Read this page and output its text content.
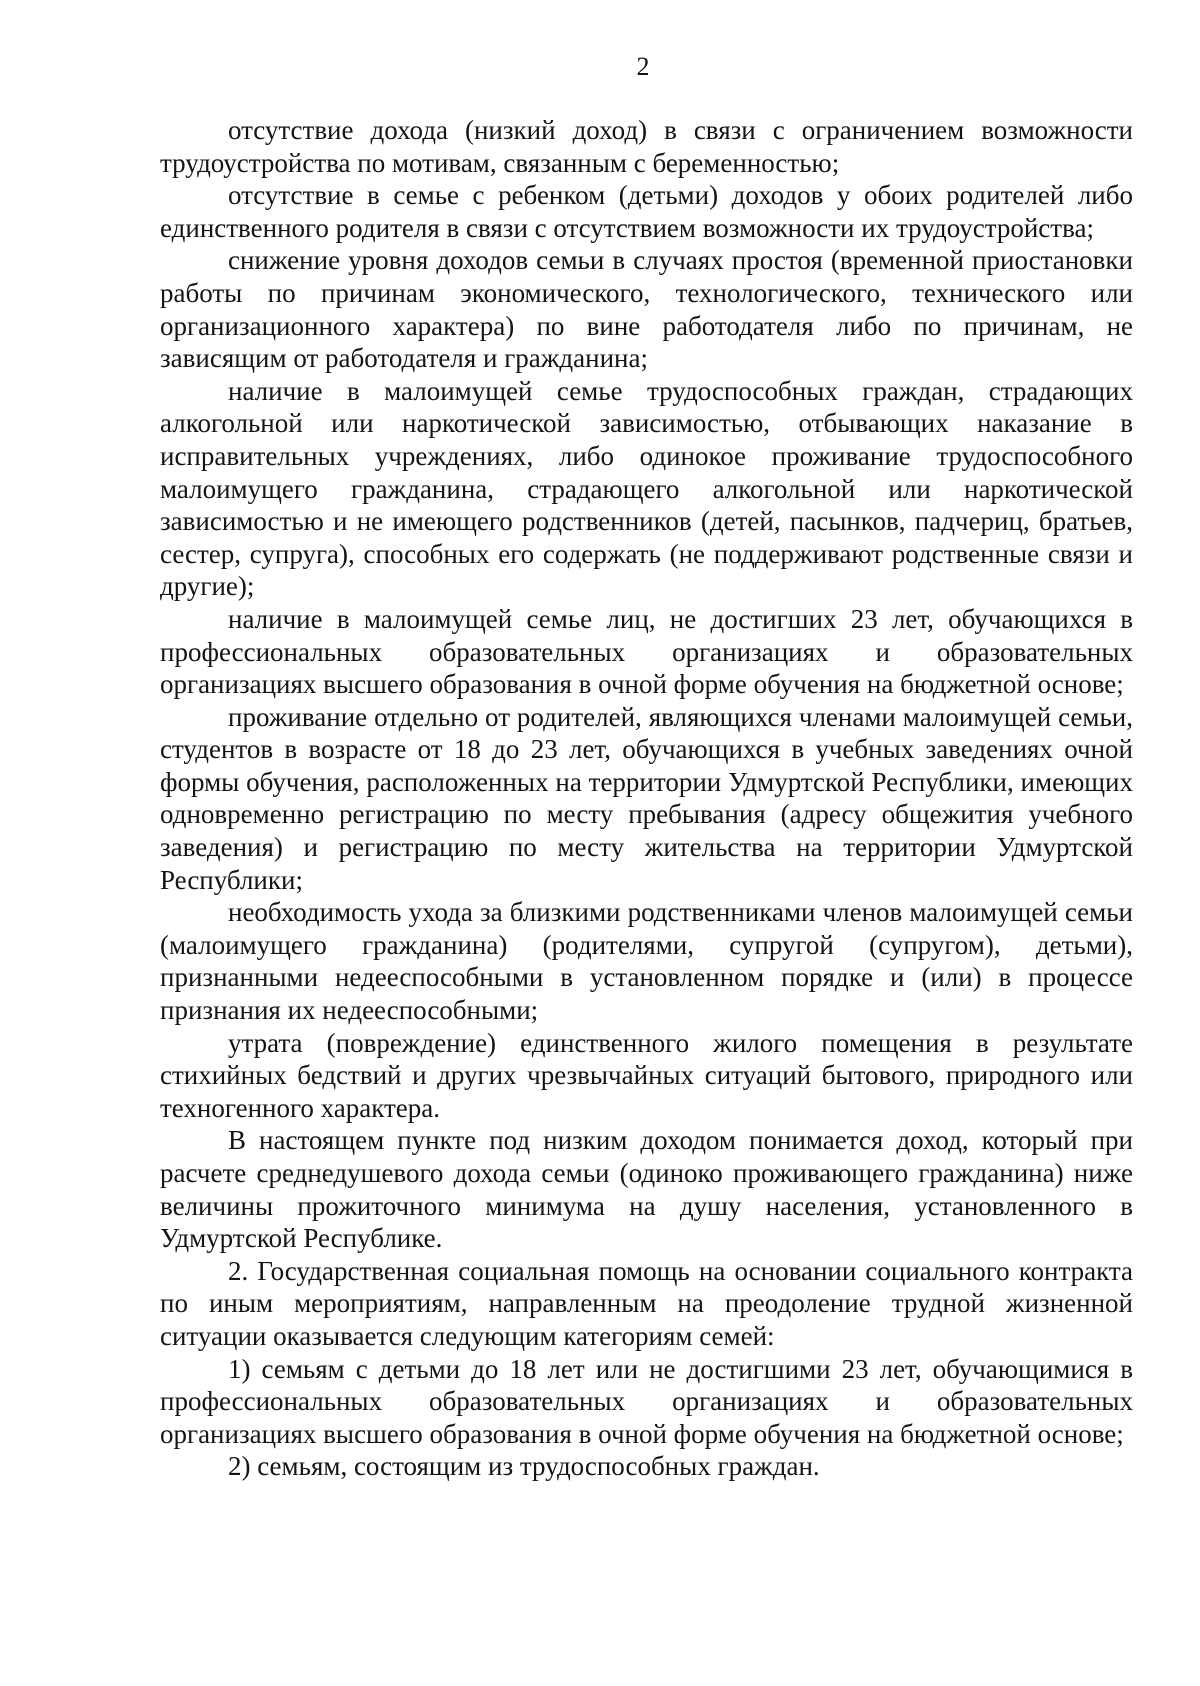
2

отсутствие дохода (низкий доход) в связи с ограничением возможности трудоустройства по мотивам, связанным с беременностью;

отсутствие в семье с ребенком (детьми) доходов у обоих родителей либо единственного родителя в связи с отсутствием возможности их трудоустройства;

снижение уровня доходов семьи в случаях простоя (временной приостановки работы по причинам экономического, технологического, технического или организационного характера) по вине работодателя либо по причинам, не зависящим от работодателя и гражданина;

наличие в малоимущей семье трудоспособных граждан, страдающих алкогольной или наркотической зависимостью, отбывающих наказание в исправительных учреждениях, либо одинокое проживание трудоспособного малоимущего гражданина, страдающего алкогольной или наркотической зависимостью и не имеющего родственников (детей, пасынков, падчериц, братьев, сестер, супруга), способных его содержать (не поддерживают родственные связи и другие);

наличие в малоимущей семье лиц, не достигших 23 лет, обучающихся в профессиональных образовательных организациях и образовательных организациях высшего образования в очной форме обучения на бюджетной основе;

проживание отдельно от родителей, являющихся членами малоимущей семьи, студентов в возрасте от 18 до 23 лет, обучающихся в учебных заведениях очной формы обучения, расположенных на территории Удмуртской Республики, имеющих одновременно регистрацию по месту пребывания (адресу общежития учебного заведения) и регистрацию по месту жительства на территории Удмуртской Республики;

необходимость ухода за близкими родственниками членов малоимущей семьи (малоимущего гражданина) (родителями, супругой (супругом), детьми), признанными недееспособными в установленном порядке и (или) в процессе признания их недееспособными;

утрата (повреждение) единственного жилого помещения в результате стихийных бедствий и других чрезвычайных ситуаций бытового, природного или техногенного характера.

В настоящем пункте под низким доходом понимается доход, который при расчете среднедушевого дохода семьи (одиноко проживающего гражданина) ниже величины прожиточного минимума на душу населения, установленного в Удмуртской Республике.

2. Государственная социальная помощь на основании социального контракта по иным мероприятиям, направленным на преодоление трудной жизненной ситуации оказывается следующим категориям семей:

1) семьям с детьми до 18 лет или не достигшими 23 лет, обучающимися в профессиональных образовательных организациях и образовательных организациях высшего образования в очной форме обучения на бюджетной основе;

2) семьям, состоящим из трудоспособных граждан.
